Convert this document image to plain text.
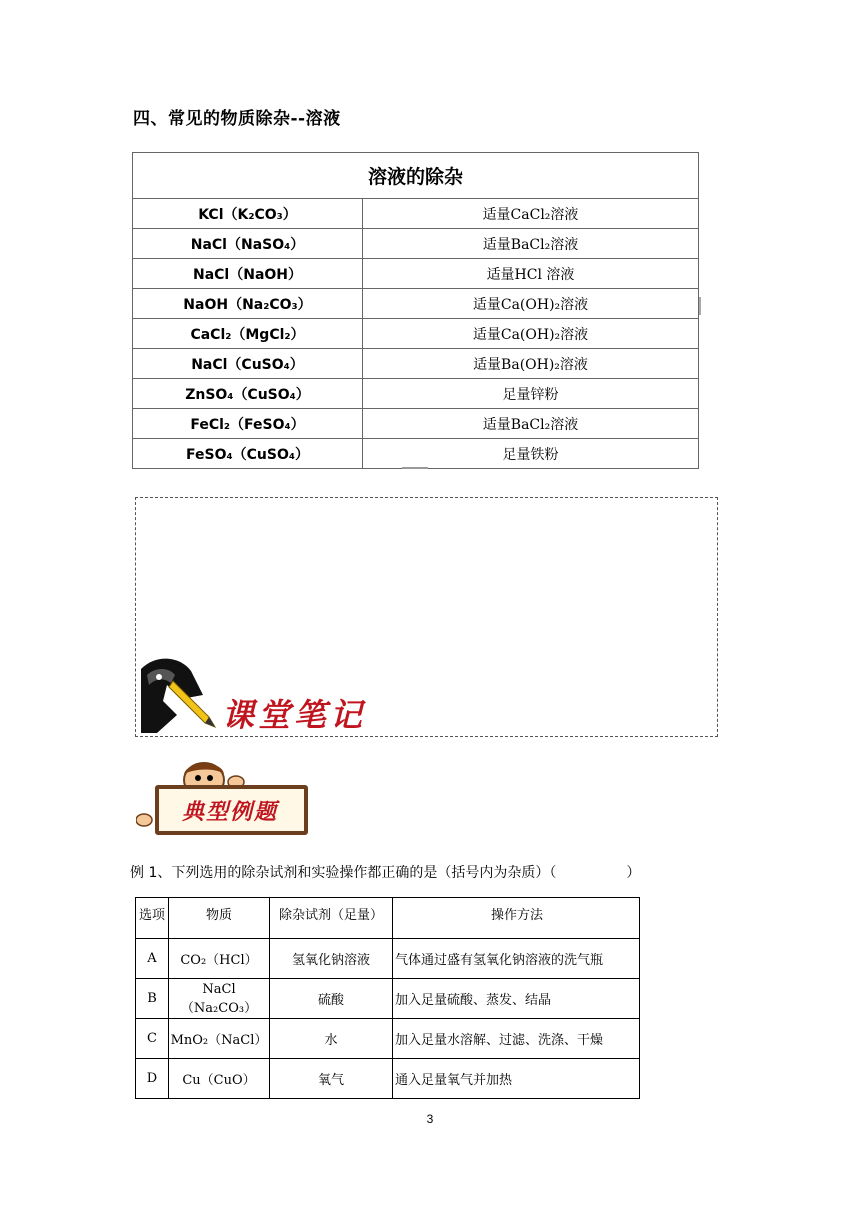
四、常见的物质除杂--溶液
溶液的除杂	
KCl（K₂CO₃）	适量CaCl₂溶液
NaCl（NaSO₄）	适量BaCl₂溶液
NaCl（NaOH）	适量HCl 溶液
NaOH（Na₂CO₃）	适量Ca(OH)₂溶液
CaCl₂（MgCl₂）	适量Ca(OH)₂溶液
NaCl（CuSO₄）	适量Ba(OH)₂溶液
ZnSO₄（CuSO₄）	足量锌粉
FeCl₂（FeSO₄）	适量BaCl₂溶液
FeSO₄（CuSO₄）	足量铁粉
课堂笔记
典型例题
例 1、下列选用的除杂试剂和实验操作都正确的是（括号内为杂质）（　　　　　）
选项	物质	除杂试剂（足量）	操作方法
A	CO₂（HCl）	氢氧化钠溶液	气体通过盛有氢氧化钠溶液的洗气瓶
B	NaCl（Na₂CO₃）	硫酸	加入足量硫酸、蒸发、结晶
C	MnO₂（NaCl）	水	加入足量水溶解、过滤、洗涤、干燥
D	Cu（CuO）	氧气	通入足量氧气并加热
3
